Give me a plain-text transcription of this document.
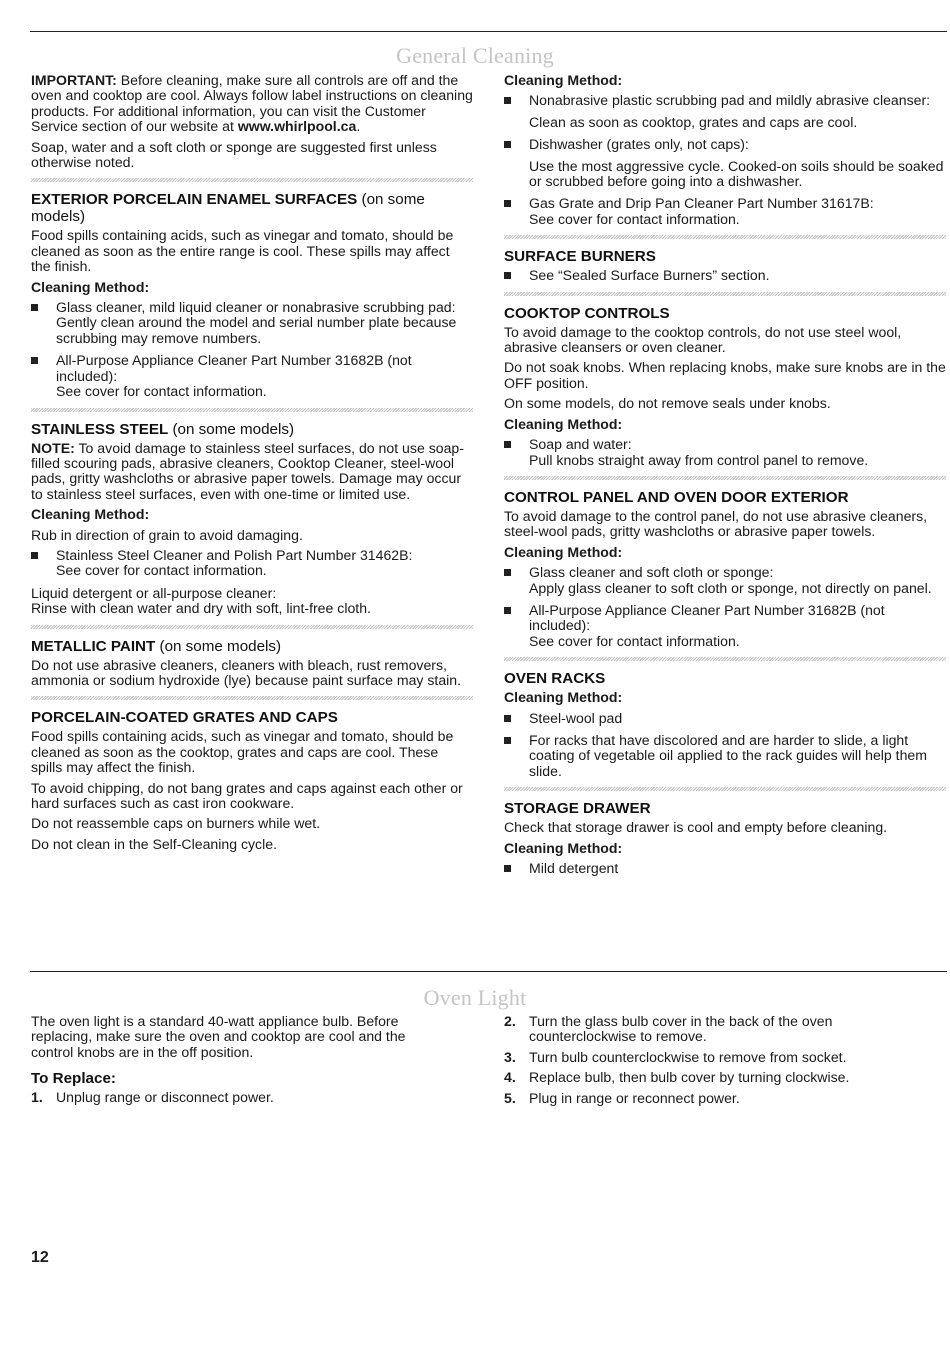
General Cleaning

IMPORTANT: Before cleaning, make sure all controls are off and the oven and cooktop are cool. Always follow label instructions on cleaning products. For additional information, you can visit the Customer Service section of our website at www.whirlpool.ca.

Soap, water and a soft cloth or sponge are suggested first unless otherwise noted.

EXTERIOR PORCELAIN ENAMEL SURFACES (on some models)

Food spills containing acids, such as vinegar and tomato, should be cleaned as soon as the entire range is cool. These spills may affect the finish.

Cleaning Method:
Glass cleaner, mild liquid cleaner or nonabrasive scrubbing pad:
Gently clean around the model and serial number plate because scrubbing may remove numbers.
All-Purpose Appliance Cleaner Part Number 31682B (not included):
See cover for contact information.
STAINLESS STEEL (on some models)

NOTE: To avoid damage to stainless steel surfaces, do not use soap-filled scouring pads, abrasive cleaners, Cooktop Cleaner, steel-wool pads, gritty washcloths or abrasive paper towels. Damage may occur to stainless steel surfaces, even with one-time or limited use.

Cleaning Method:

Rub in direction of grain to avoid damaging.

Stainless Steel Cleaner and Polish Part Number 31462B:
See cover for contact information.

Liquid detergent or all-purpose cleaner:
Rinse with clean water and dry with soft, lint-free cloth.

METALLIC PAINT (on some models)

Do not use abrasive cleaners, cleaners with bleach, rust removers, ammonia or sodium hydroxide (lye) because paint surface may stain.

PORCELAIN-COATED GRATES AND CAPS

Food spills containing acids, such as vinegar and tomato, should be cleaned as soon as the cooktop, grates and caps are cool. These spills may affect the finish.

To avoid chipping, do not bang grates and caps against each other or hard surfaces such as cast iron cookware.

Do not reassemble caps on burners while wet.

Do not clean in the Self-Cleaning cycle.

Cleaning Method:
Nonabrasive plastic scrubbing pad and mildly abrasive cleanser:
Clean as soon as cooktop, grates and caps are cool.
Dishwasher (grates only, not caps):
Use the most aggressive cycle. Cooked-on soils should be soaked or scrubbed before going into a dishwasher.
Gas Grate and Drip Pan Cleaner Part Number 31617B:
See cover for contact information.
SURFACE BURNERS
See “Sealed Surface Burners” section.
COOKTOP CONTROLS

To avoid damage to the cooktop controls, do not use steel wool, abrasive cleansers or oven cleaner.

Do not soak knobs. When replacing knobs, make sure knobs are in the OFF position.

On some models, do not remove seals under knobs.

Cleaning Method:
Soap and water:
Pull knobs straight away from control panel to remove.
CONTROL PANEL AND OVEN DOOR EXTERIOR

To avoid damage to the control panel, do not use abrasive cleaners, steel-wool pads, gritty washcloths or abrasive paper towels.

Cleaning Method:
Glass cleaner and soft cloth or sponge:
Apply glass cleaner to soft cloth or sponge, not directly on panel.
All-Purpose Appliance Cleaner Part Number 31682B (not included):
See cover for contact information.
OVEN RACKS
Cleaning Method:
Steel-wool pad
For racks that have discolored and are harder to slide, a light coating of vegetable oil applied to the rack guides will help them slide.
STORAGE DRAWER

Check that storage drawer is cool and empty before cleaning.

Cleaning Method:
Mild detergent
Oven Light

The oven light is a standard 40-watt appliance bulb. Before replacing, make sure the oven and cooktop are cool and the control knobs are in the off position.

To Replace:
1. Unplug range or disconnect power.
2. Turn the glass bulb cover in the back of the oven counterclockwise to remove.
3. Turn bulb counterclockwise to remove from socket.
4. Replace bulb, then bulb cover by turning clockwise.
5. Plug in range or reconnect power.
12
